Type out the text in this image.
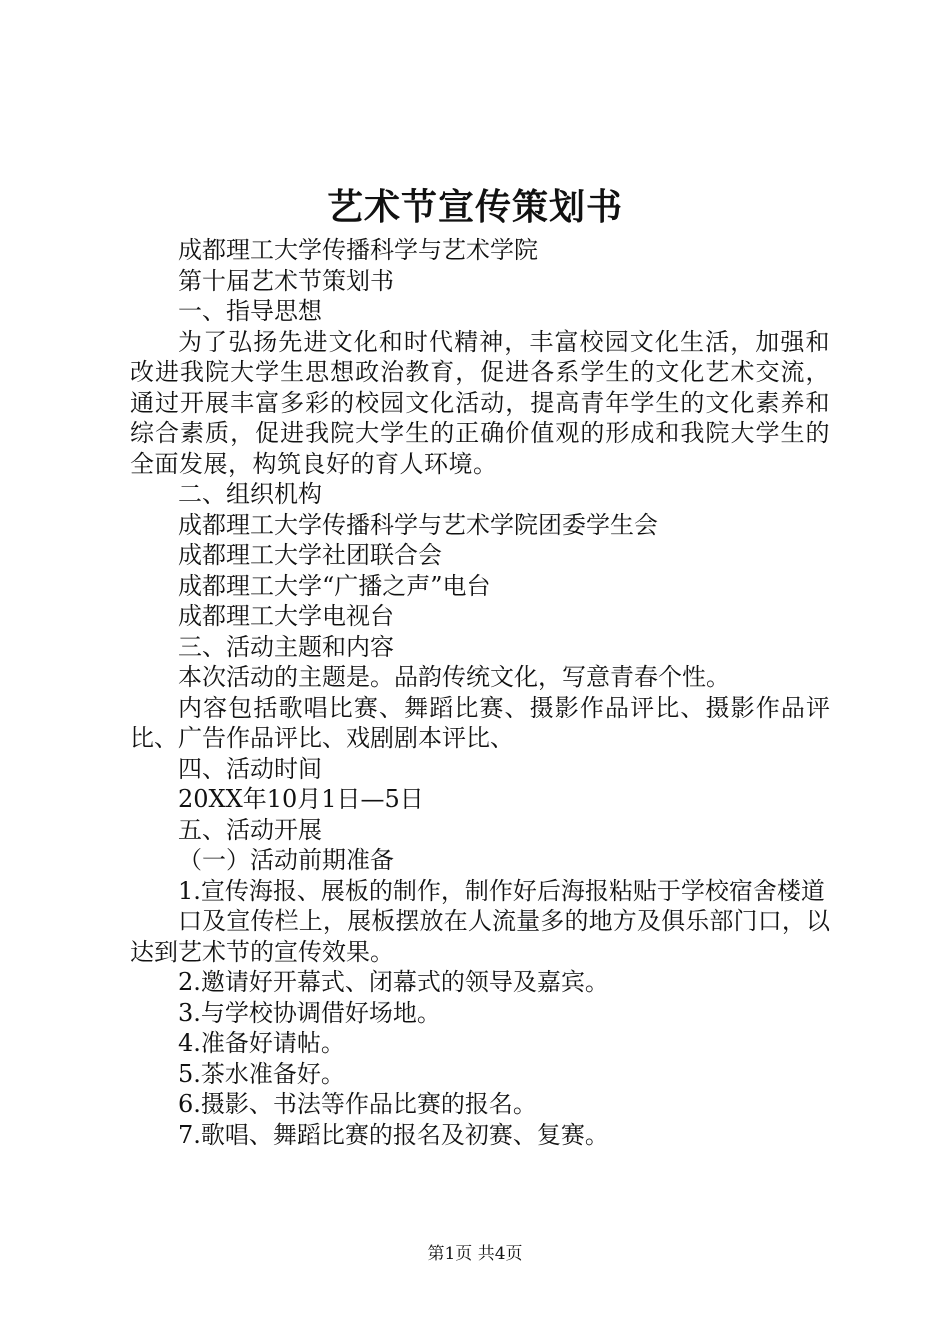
艺术节宣传策划书

成都理工大学传播科学与艺术学院

第十届艺术节策划书

一、指导思想

为了弘扬先进文化和时代精神，丰富校园文化生活，加强和改进我院大学生思想政治教育，促进各系学生的文化艺术交流，通过开展丰富多彩的校园文化活动，提高青年学生的文化素养和综合素质，促进我院大学生的正确价值观的形成和我院大学生的全面发展，构筑良好的育人环境。

二、组织机构

成都理工大学传播科学与艺术学院团委学生会

成都理工大学社团联合会

成都理工大学“广播之声”电台

成都理工大学电视台

三、活动主题和内容

本次活动的主题是。品韵传统文化，写意青春个性。

内容包括歌唱比赛、舞蹈比赛、摄影作品评比、摄影作品评比、广告作品评比、戏剧剧本评比、

四、活动时间

20XX年10月1日—5日

五、活动开展

（一）活动前期准备

1.宣传海报、展板的制作，制作好后海报粘贴于学校宿舍楼道

口及宣传栏上，展板摆放在人流量多的地方及俱乐部门口，以达到艺术节的宣传效果。

2.邀请好开幕式、闭幕式的领导及嘉宾。

3.与学校协调借好场地。

4.准备好请帖。

5.茶水准备好。

6.摄影、书法等作品比赛的报名。

7.歌唱、舞蹈比赛的报名及初赛、复赛。

第1页 共4页
